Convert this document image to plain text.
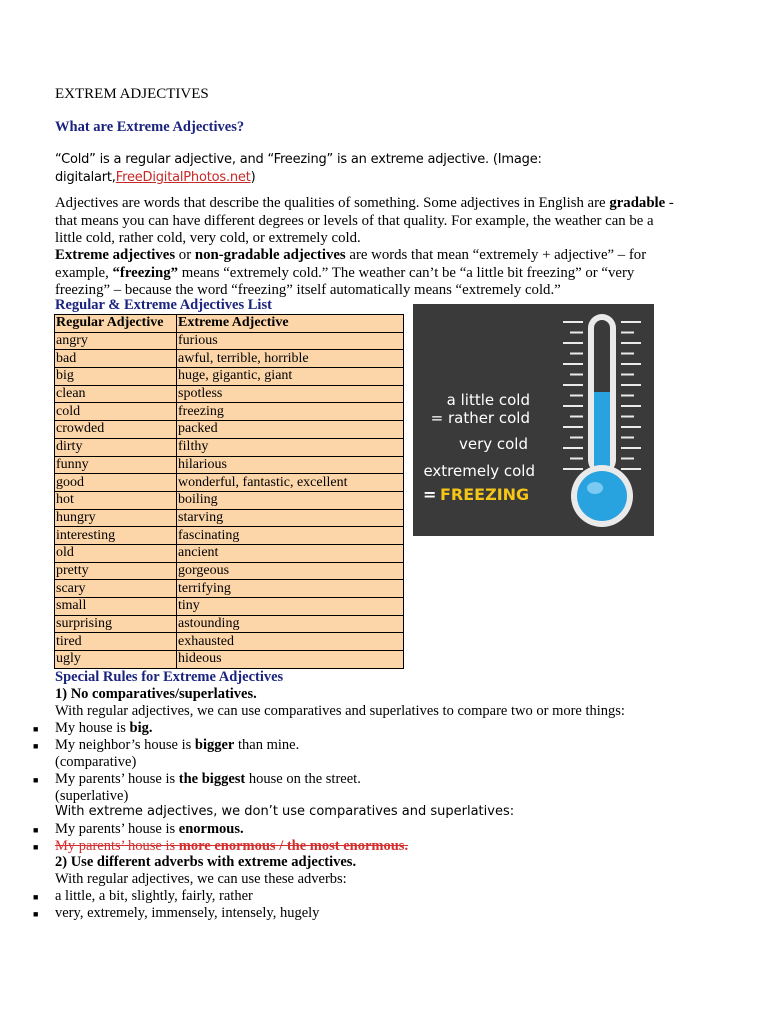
EXTREM ADJECTIVES
What are Extreme Adjectives?
“Cold” is a regular adjective, and “Freezing” is an extreme adjective. (Image:
digitalart,FreeDigitalPhotos.net)
Adjectives are words that describe the qualities of something. Some adjectives in English are gradable -
that means you can have different degrees or levels of that quality. For example, the weather can be a
little cold, rather cold, very cold, or extremely cold.
Extreme adjectives or non-gradable adjectives are words that mean “extremely + adjective” – for
example, “freezing” means “extremely cold.” The weather can’t be “a little bit freezing” or “very
freezing” – because the word “freezing” itself automatically means “extremely cold.”
Regular & Extreme Adjectives List
Regular Adjective	Extreme Adjective
angry	furious
bad	awful, terrible, horrible
big	huge, gigantic, giant
clean	spotless
cold	freezing
crowded	packed
dirty	filthy
funny	hilarious
good	wonderful, fantastic, excellent
hot	boiling
hungry	starving
interesting	fascinating
old	ancient
pretty	gorgeous
scary	terrifying
small	tiny
surprising	astounding
tired	exhausted
ugly	hideous
a little cold
= rather cold
very cold
extremely cold
= FREEZING
Special Rules for Extreme Adjectives
1) No comparatives/superlatives.
With regular adjectives, we can use comparatives and superlatives to compare two or more things:
■ My house is big.
■ My neighbor’s house is bigger than mine.
(comparative)
■ My parents’ house is the biggest house on the street.
(superlative)
With extreme adjectives, we don’t use comparatives and superlatives:
■ My parents’ house is enormous.
■ My parents’ house is more enormous / the most enormous.
2) Use different adverbs with extreme adjectives.
With regular adjectives, we can use these adverbs:
■ a little, a bit, slightly, fairly, rather
■ very, extremely, immensely, intensely, hugely
